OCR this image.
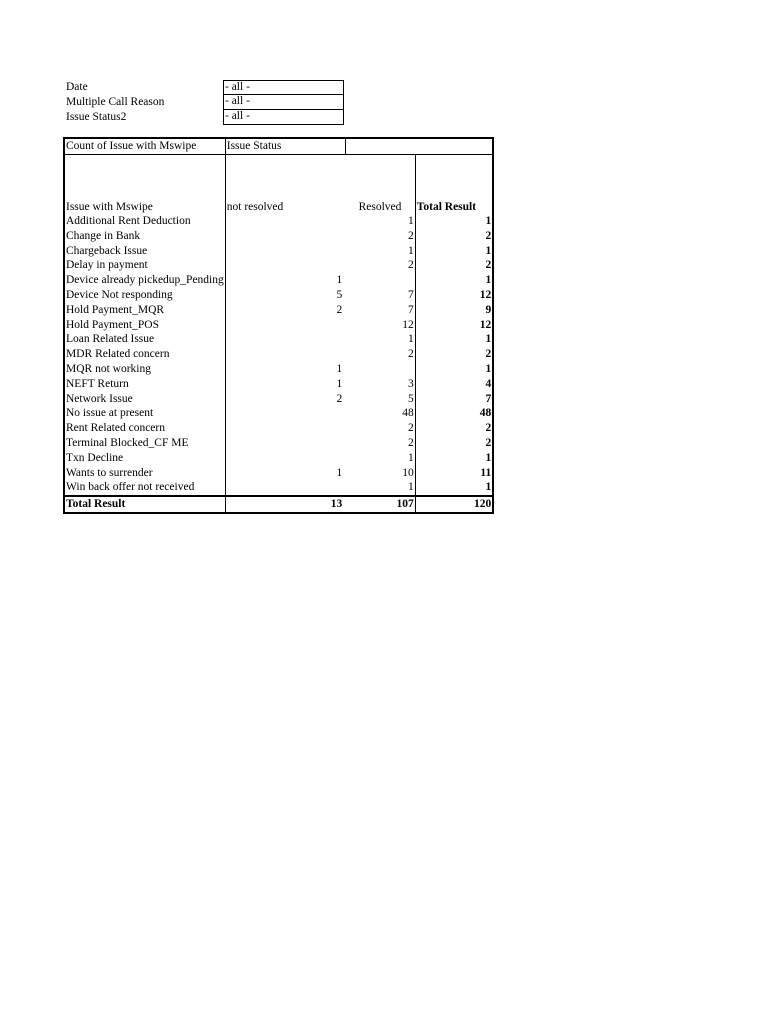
Date	- all -
Multiple Call Reason	- all -
Issue Status2	- all -
Count of Issue with Mswipe	Issue Status		

Issue with Mswipe	not resolved	Resolved	Total Result
Additional Rent Deduction		1	1
Change in Bank		2	2
Chargeback Issue		1	1
Delay in payment		2	2
Device already pickedup_Pending	1		1
Device Not responding	5	7	12
Hold Payment_MQR	2	7	9
Hold Payment_POS		12	12
Loan Related Issue		1	1
MDR Related concern		2	2
MQR not working	1		1
NEFT Return	1	3	4
Network Issue	2	5	7
No issue at present		48	48
Rent Related concern		2	2
Terminal Blocked_CF ME		2	2
Txn Decline		1	1
Wants to surrender	1	10	11
Win back offer not received		1	1
Total Result	13	107	120
